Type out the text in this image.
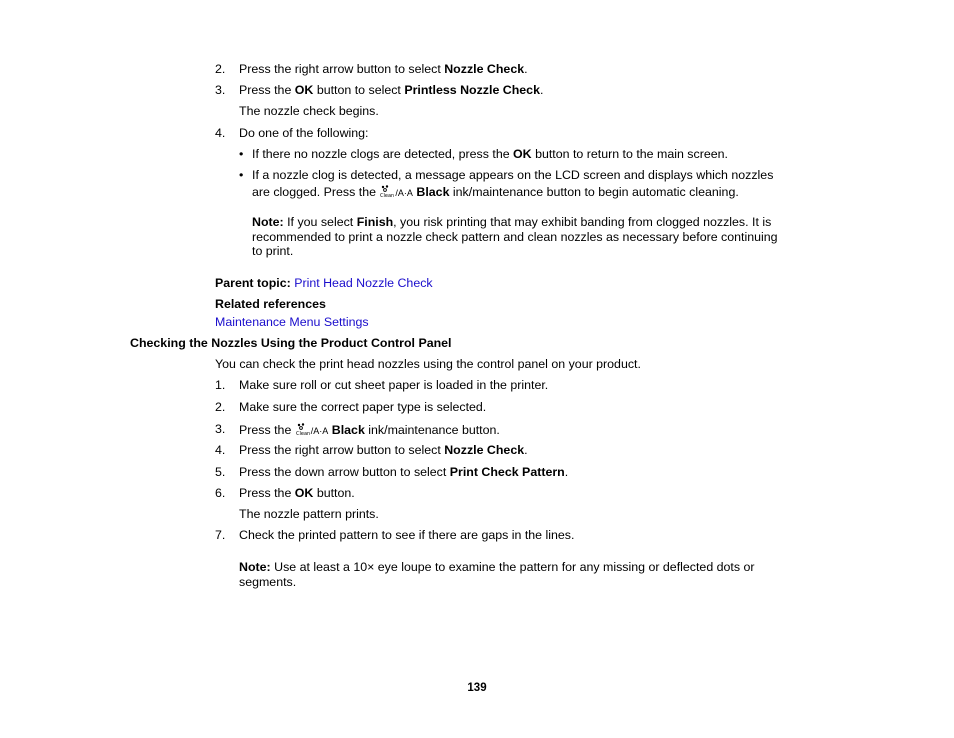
2. Press the right arrow button to select Nozzle Check.
3. Press the OK button to select Printless Nozzle Check.
The nozzle check begins.
4. Do one of the following:
• If there no nozzle clogs are detected, press the OK button to return to the main screen.
• If a nozzle clog is detected, a message appears on the LCD screen and displays which nozzles
are clogged. Press the Clean /A·A Black ink/maintenance button to begin automatic cleaning.
Note: If you select Finish, you risk printing that may exhibit banding from clogged nozzles. It is
recommended to print a nozzle check pattern and clean nozzles as necessary before continuing
to print.
Parent topic: Print Head Nozzle Check
Related references
Maintenance Menu Settings
Checking the Nozzles Using the Product Control Panel
You can check the print head nozzles using the control panel on your product.
1. Make sure roll or cut sheet paper is loaded in the printer.
2. Make sure the correct paper type is selected.
3. Press the Clean /A·A Black ink/maintenance button.
4. Press the right arrow button to select Nozzle Check.
5. Press the down arrow button to select Print Check Pattern.
6. Press the OK button.
The nozzle pattern prints.
7. Check the printed pattern to see if there are gaps in the lines.
Note: Use at least a 10× eye loupe to examine the pattern for any missing or deflected dots or
segments.
139
